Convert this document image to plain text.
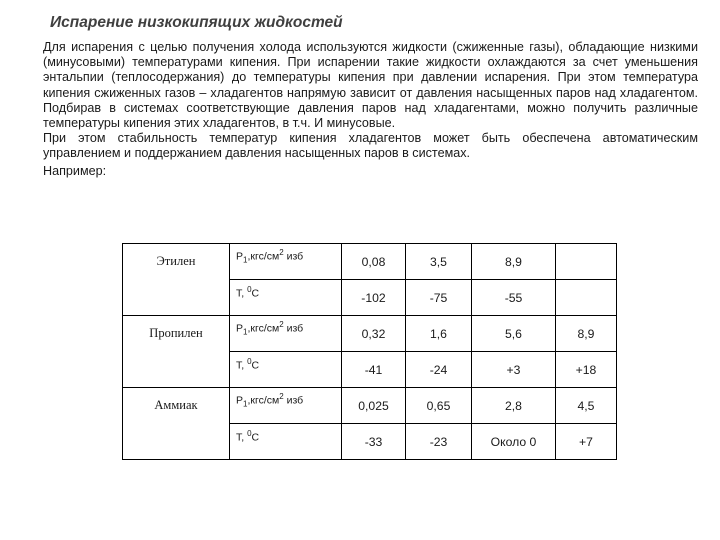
Испарение низкокипящих жидкостей

Для испарения с целью получения холода используются жидкости (сжиженные газы), обладающие низкими (минусовыми) температурами кипения. При испарении такие жидкости охлаждаются за счет уменьшения энтальпии (теплосодержания) до температуры кипения при давлении испарения. При этом температура кипения сжиженных газов – хладагентов напрямую зависит от давления насыщенных паров над хладагентом. Подбирав в системах соответствующие давления паров над хладагентами, можно получить различные температуры кипения этих хладагентов, в т.ч. И минусовые.

При этом стабильность температур кипения хладагентов может быть обеспечена автоматическим управлением и поддержанием давления насыщенных паров в системах.

Например:

Этилен	$P_1,кгс/см^2$ изб	0,08	3,5	8,9	
	T, $^0$C	-102	-75	-55	
Пропилен	$P_1,кгс/см^2$ изб	0,32	1,6	5,6	8,9
	T, $^0$C	-41	-24	+3	+18
Аммиак	$P_1,кгс/см^2$ изб	0,025	0,65	2,8	4,5
	T, $^0$C	-33	-23	Около 0	+7
